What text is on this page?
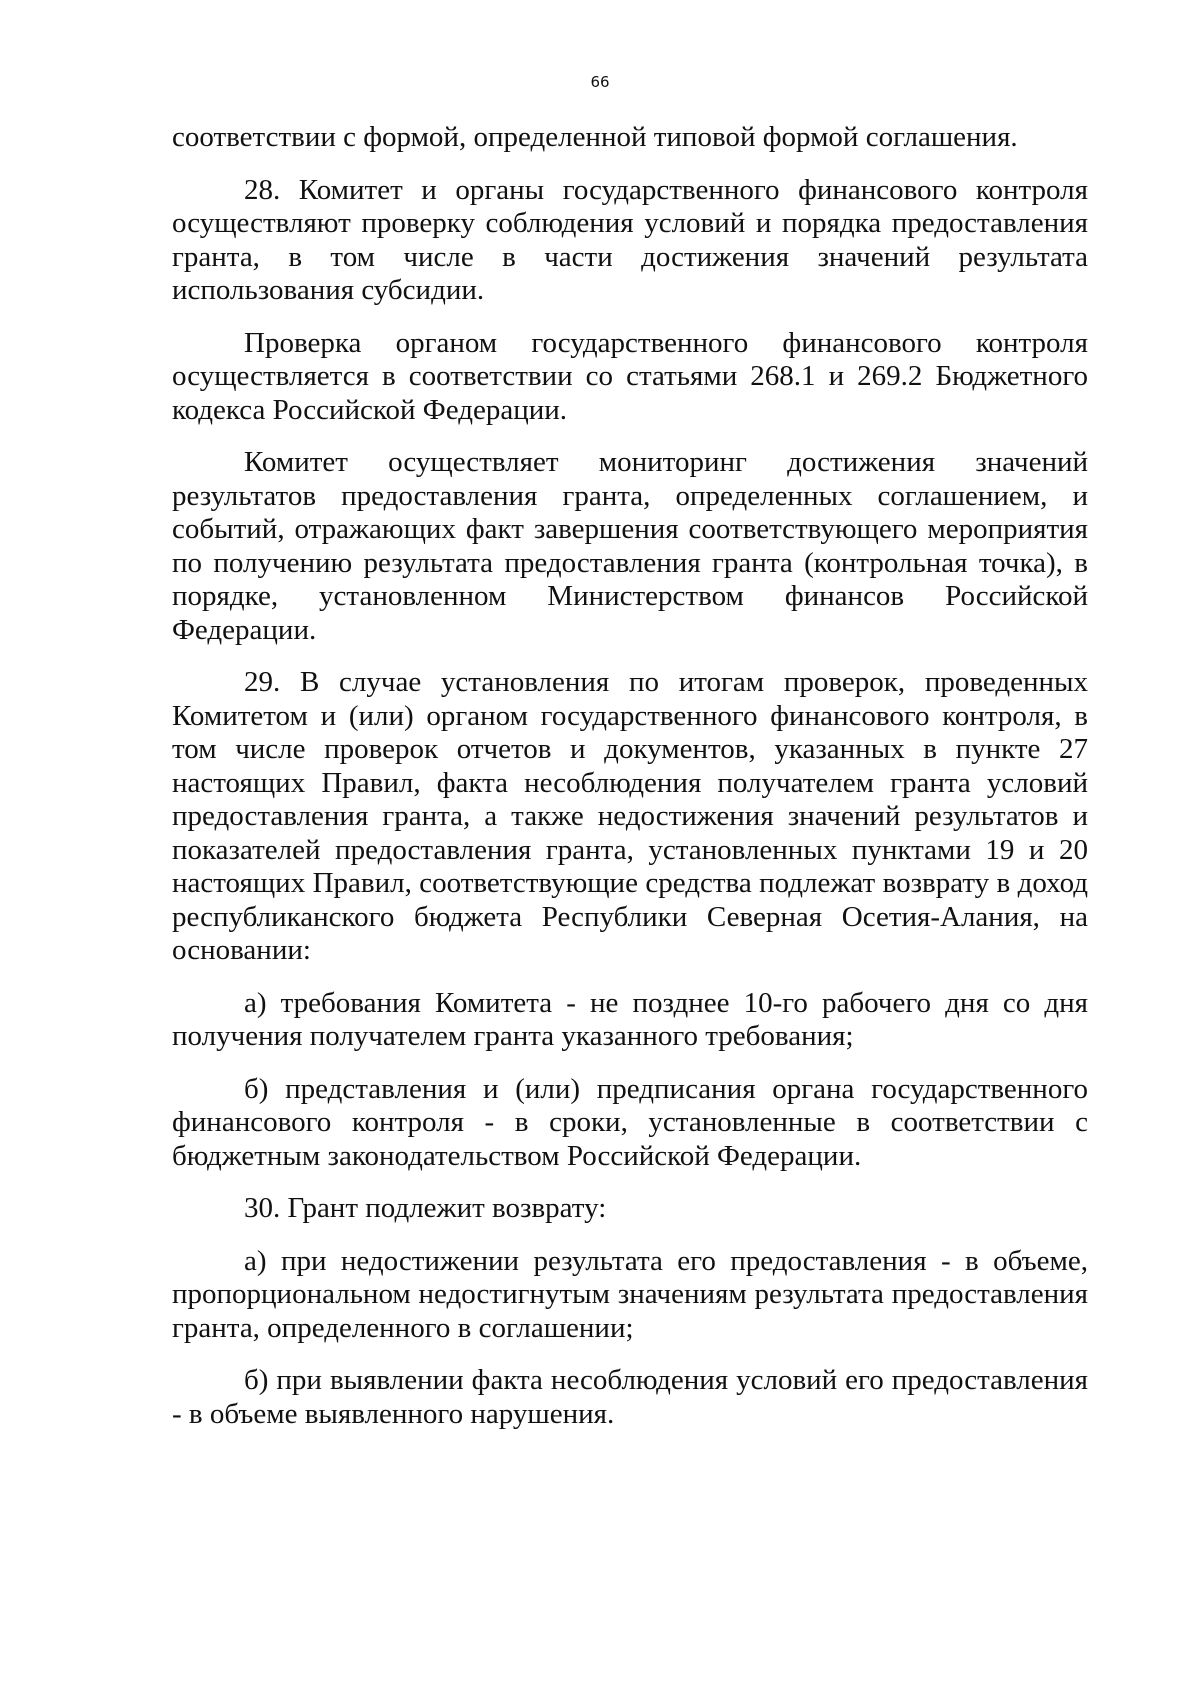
66

соответствии с формой, определенной типовой формой соглашения.

28. Комитет и органы государственного финансового контроля осуществляют проверку соблюдения условий и порядка предоставления гранта, в том числе в части достижения значений результата использования субсидии.

Проверка органом государственного финансового контроля осуществляется в соответствии со статьями 268.1 и 269.2 Бюджетного кодекса Российской Федерации.

Комитет осуществляет мониторинг достижения значений результатов предоставления гранта, определенных соглашением, и событий, отражающих факт завершения соответствующего мероприятия по получению результата предоставления гранта (контрольная точка), в порядке, установленном Министерством финансов Российской Федерации.

29. В случае установления по итогам проверок, проведенных Комитетом и (или) органом государственного финансового контроля, в том числе проверок отчетов и документов, указанных в пункте 27 настоящих Правил, факта несоблюдения получателем гранта условий предоставления гранта, а также недостижения значений результатов и показателей предоставления гранта, установленных пунктами 19 и 20 настоящих Правил, соответствующие средства подлежат возврату в доход республиканского бюджета Республики Северная Осетия-Алания, на основании:

а) требования Комитета - не позднее 10-го рабочего дня со дня получения получателем гранта указанного требования;

б) представления и (или) предписания органа государственного финансового контроля - в сроки, установленные в соответствии с бюджетным законодательством Российской Федерации.

30. Грант подлежит возврату:

а) при недостижении результата его предоставления - в объеме, пропорциональном недостигнутым значениям результата предоставления гранта, определенного в соглашении;

б) при выявлении факта несоблюдения условий его предоставления - в объеме выявленного нарушения.
